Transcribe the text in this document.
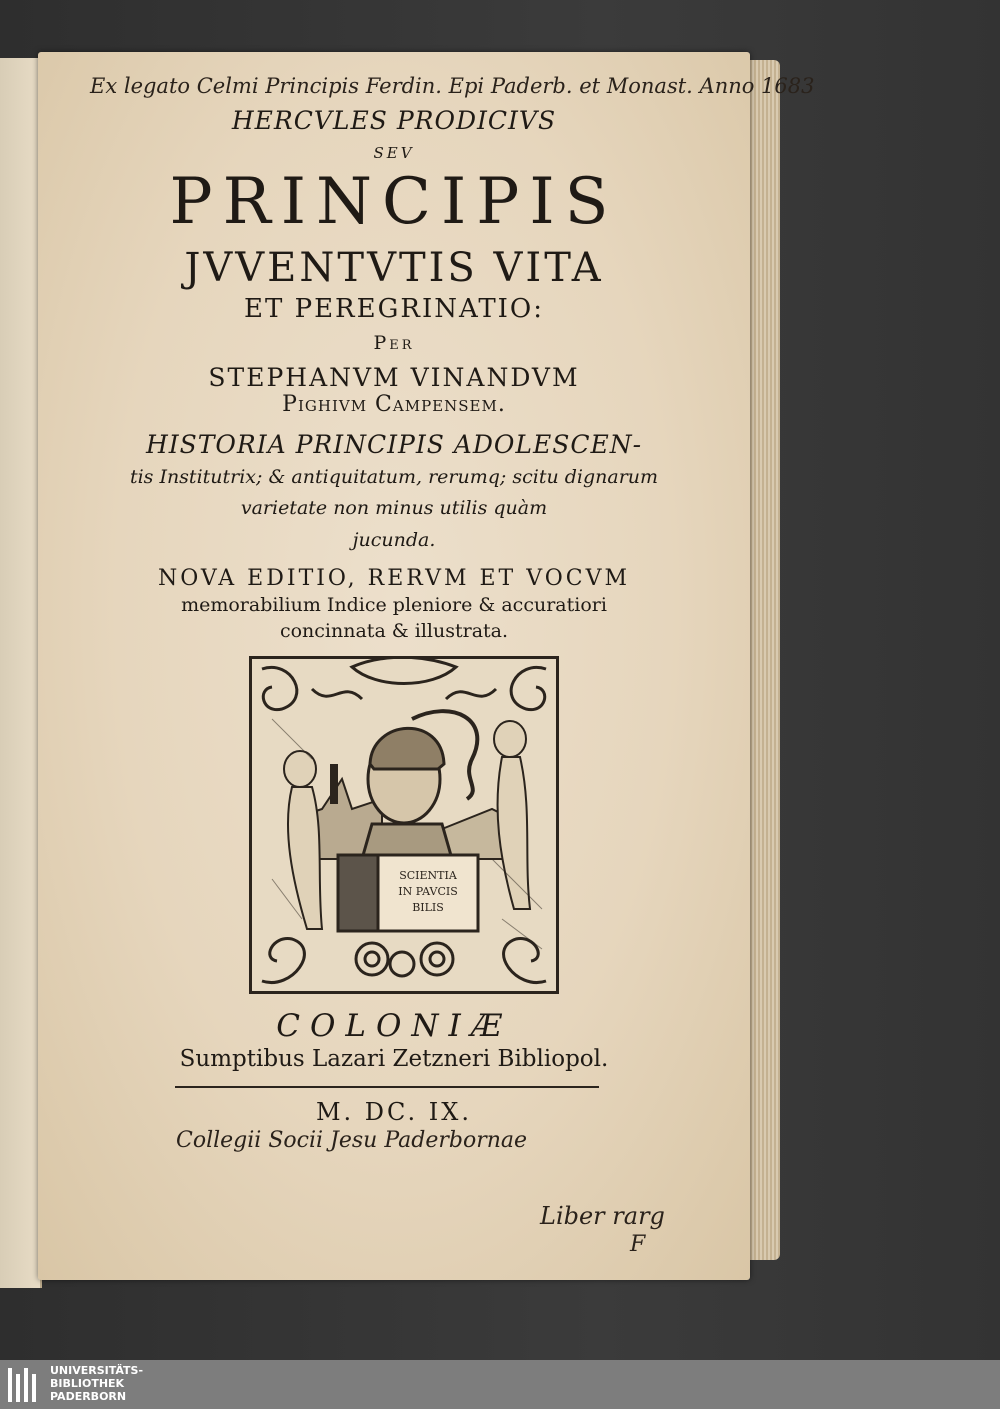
Ex legato Celmi Principis Ferdin. Epi Paderb. et Monast. Anno 1683
HERCVLES PRODICIVS
SEV
PRINCIPIS
JVVENTVTIS VITA
ET PEREGRINATIO:
Per
STEPHANVM VINANDVM
Pighivm Campensem.
HISTORIA PRINCIPIS ADOLESCEN-
tis Institutrix; & antiquitatum, rerumq; scitu dignarum
varietate non minus utilis quàm
jucunda.
NOVA EDITIO, RERVM ET VOCVM
memorabilium Indice pleniore & accuratiori
concinnata & illustrata.
SCIENTIA
IN PAVCIS
BILIS
COLONIÆ
Sumptibus Lazari Zetzneri Bibliopol.
M. DC. IX.
Collegii Socii Jesu Paderbornae
Liber rarg
F
UNIVERSITÄTS-
BIBLIOTHEK
PADERBORN
